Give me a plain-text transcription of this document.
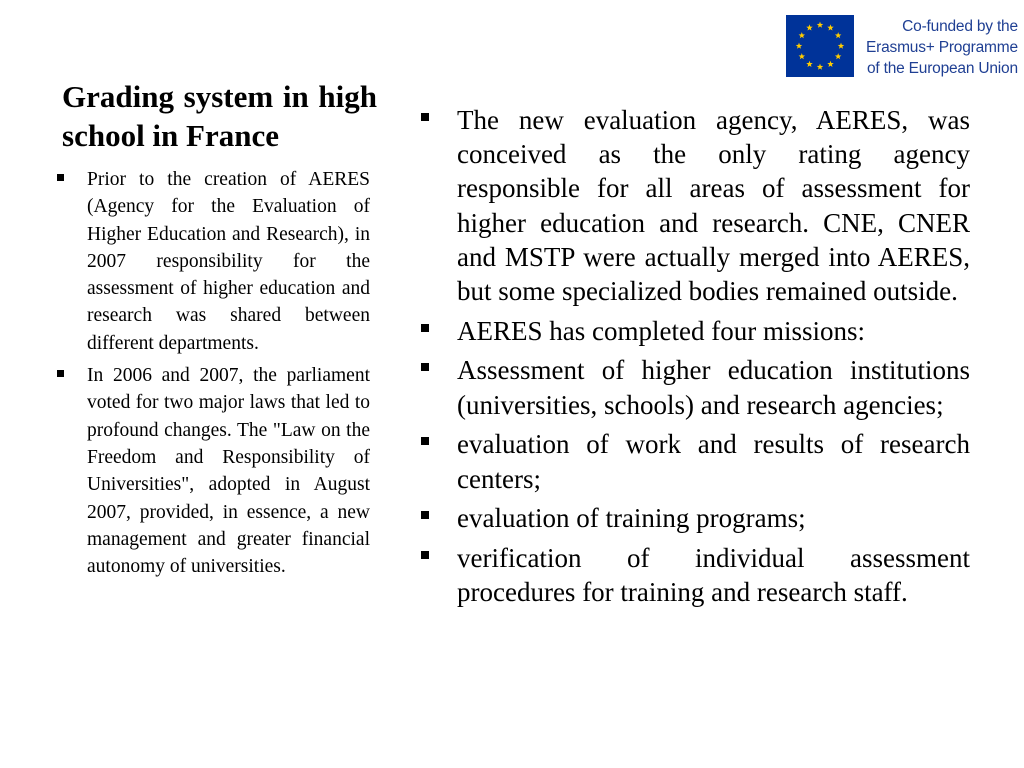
Co-funded by the
Erasmus+ Programme
of the European Union
Grading system in high school in France
Prior to the creation of AERES (Agency for the Evaluation of Higher Education and Research), in 2007 responsibility for the assessment of higher education and research was shared between different departments.
In 2006 and 2007, the parliament voted for two major laws that led to profound changes. The "Law on the Freedom and Responsibility of Universities", adopted in August 2007, provided, in essence, a new management and greater financial autonomy of universities.
The new evaluation agency, AERES, was conceived as the only rating agency responsible for all areas of assessment for higher education and research. CNE, CNER and MSTP were actually merged into AERES, but some specialized bodies remained outside.
AERES has completed four missions:
Assessment of higher education institutions (universities, schools) and research agencies;
evaluation of work and results of research centers;
evaluation of training programs;
verification of individual assessment procedures for training and research staff.
